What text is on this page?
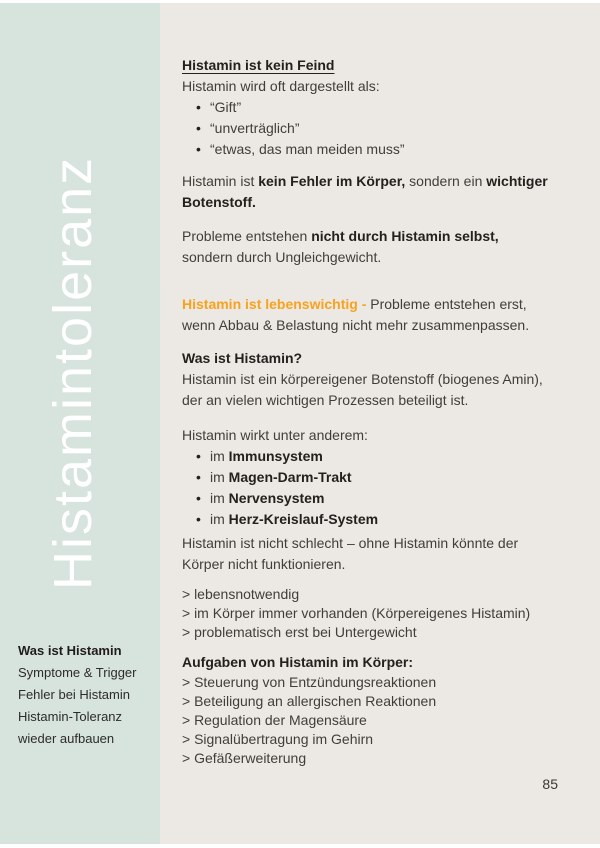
Histamintoleranz
Was ist Histamin
Symptome & Trigger
Fehler bei Histamin
Histamin-Toleranz wieder aufbauen
Histamin ist kein Feind
Histamin wird oft dargestellt als:
• “Gift”
• “unverträglich”
• “etwas, das man meiden muss”
Histamin ist kein Fehler im Körper, sondern ein wichtiger
Botenstoff.
Probleme entstehen nicht durch Histamin selbst,
sondern durch Ungleichgewicht.
Histamin ist lebenswichtig - Probleme entstehen erst,
wenn Abbau & Belastung nicht mehr zusammenpassen.
Was ist Histamin?
Histamin ist ein körpereigener Botenstoff (biogenes Amin),
der an vielen wichtigen Prozessen beteiligt ist.
Histamin wirkt unter anderem:
• im Immunsystem
• im Magen-Darm-Trakt
• im Nervensystem
• im Herz-Kreislauf-System
Histamin ist nicht schlecht – ohne Histamin könnte der
Körper nicht funktionieren.
> lebensnotwendig
> im Körper immer vorhanden (Körpereigenes Histamin)
> problematisch erst bei Untergewicht
Aufgaben von Histamin im Körper:
> Steuerung von Entzündungsreaktionen
> Beteiligung an allergischen Reaktionen
> Regulation der Magensäure
> Signalübertragung im Gehirn
> Gefäßerweiterung
85
